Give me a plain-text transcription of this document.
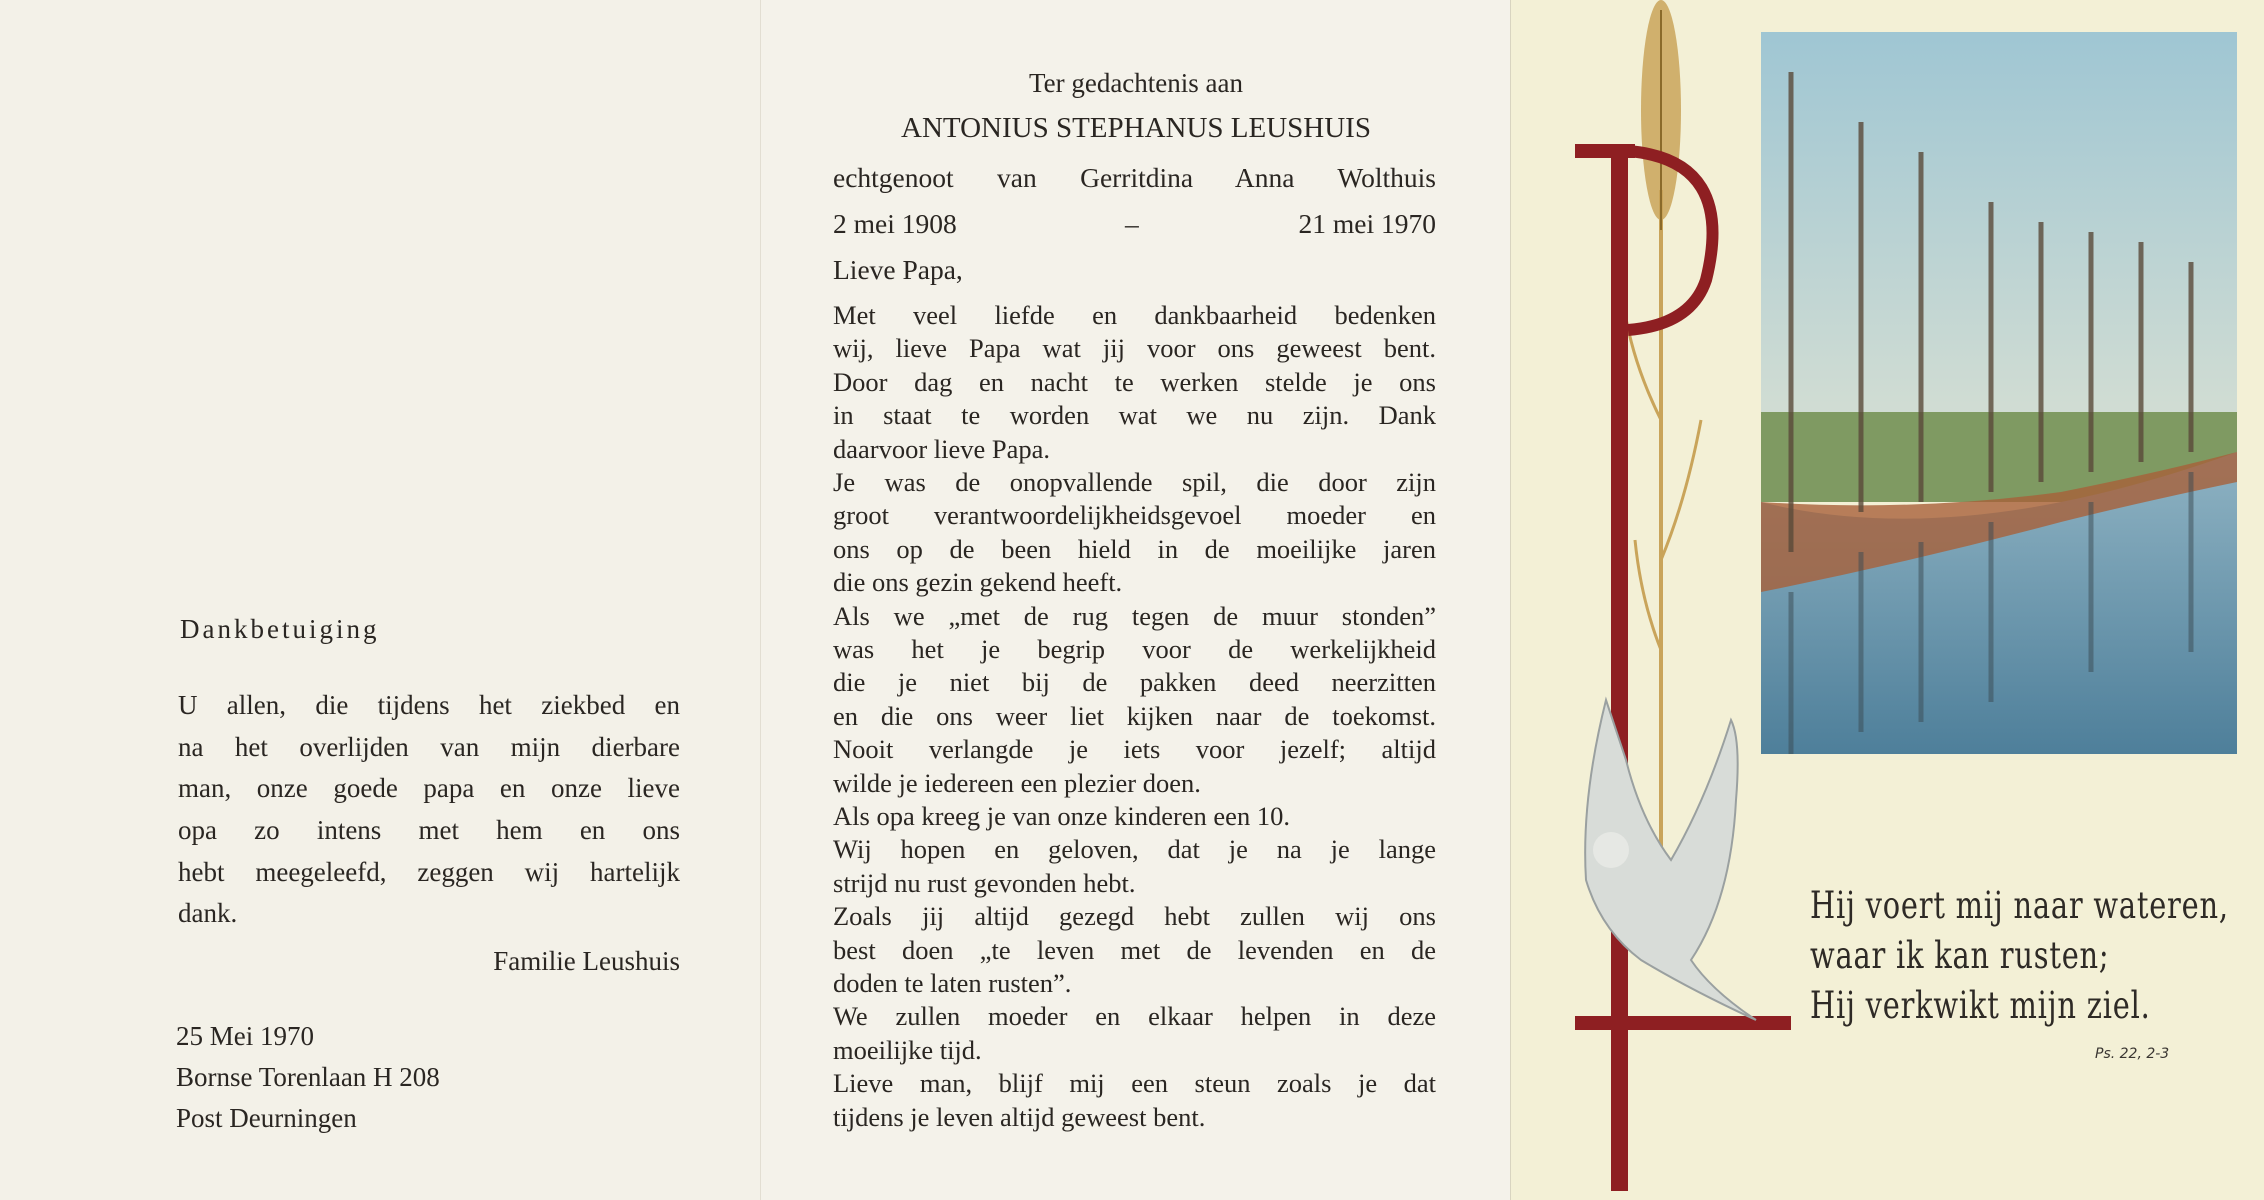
Dankbetuiging
U allen, die tijdens het ziekbed en
na het overlijden van mijn dierbare
man, onze goede papa en onze lieve
opa zo intens met hem en ons
hebt meegeleefd, zeggen wij hartelijk
dank.
Familie Leushuis
25 Mei 1970
Bornse Torenlaan H 208
Post Deurningen
Ter gedachtenis aan
ANTONIUS STEPHANUS LEUSHUIS
echtgenoot van Gerritdina Anna Wolthuis
2 mei 1908	–	21 mei 1970
Lieve Papa,
Met veel liefde en dankbaarheid bedenken
wij, lieve Papa wat jij voor ons geweest bent.
Door dag en nacht te werken stelde je ons
in staat te worden wat we nu zijn. Dank
daarvoor lieve Papa.
Je was de onopvallende spil, die door zijn
groot verantwoordelijkheidsgevoel moeder en
ons op de been hield in de moeilijke jaren
die ons gezin gekend heeft.
Als we „met de rug tegen de muur stonden”
was het je begrip voor de werkelijkheid
die je niet bij de pakken deed neerzitten
en die ons weer liet kijken naar de toekomst.
Nooit verlangde je iets voor jezelf; altijd
wilde je iedereen een plezier doen.
Als opa kreeg je van onze kinderen een 10.
Wij hopen en geloven, dat je na je lange
strijd nu rust gevonden hebt.
Zoals jij altijd gezegd hebt zullen wij ons
best doen „te leven met de levenden en de
doden te laten rusten”.
We zullen moeder en elkaar helpen in deze
moeilijke tijd.
Lieve man, blijf mij een steun zoals je dat
tijdens je leven altijd geweest bent.
Hij voert mij naar wateren,
waar ik kan rusten;
Hij verkwikt mijn ziel.
Ps. 22, 2-3
